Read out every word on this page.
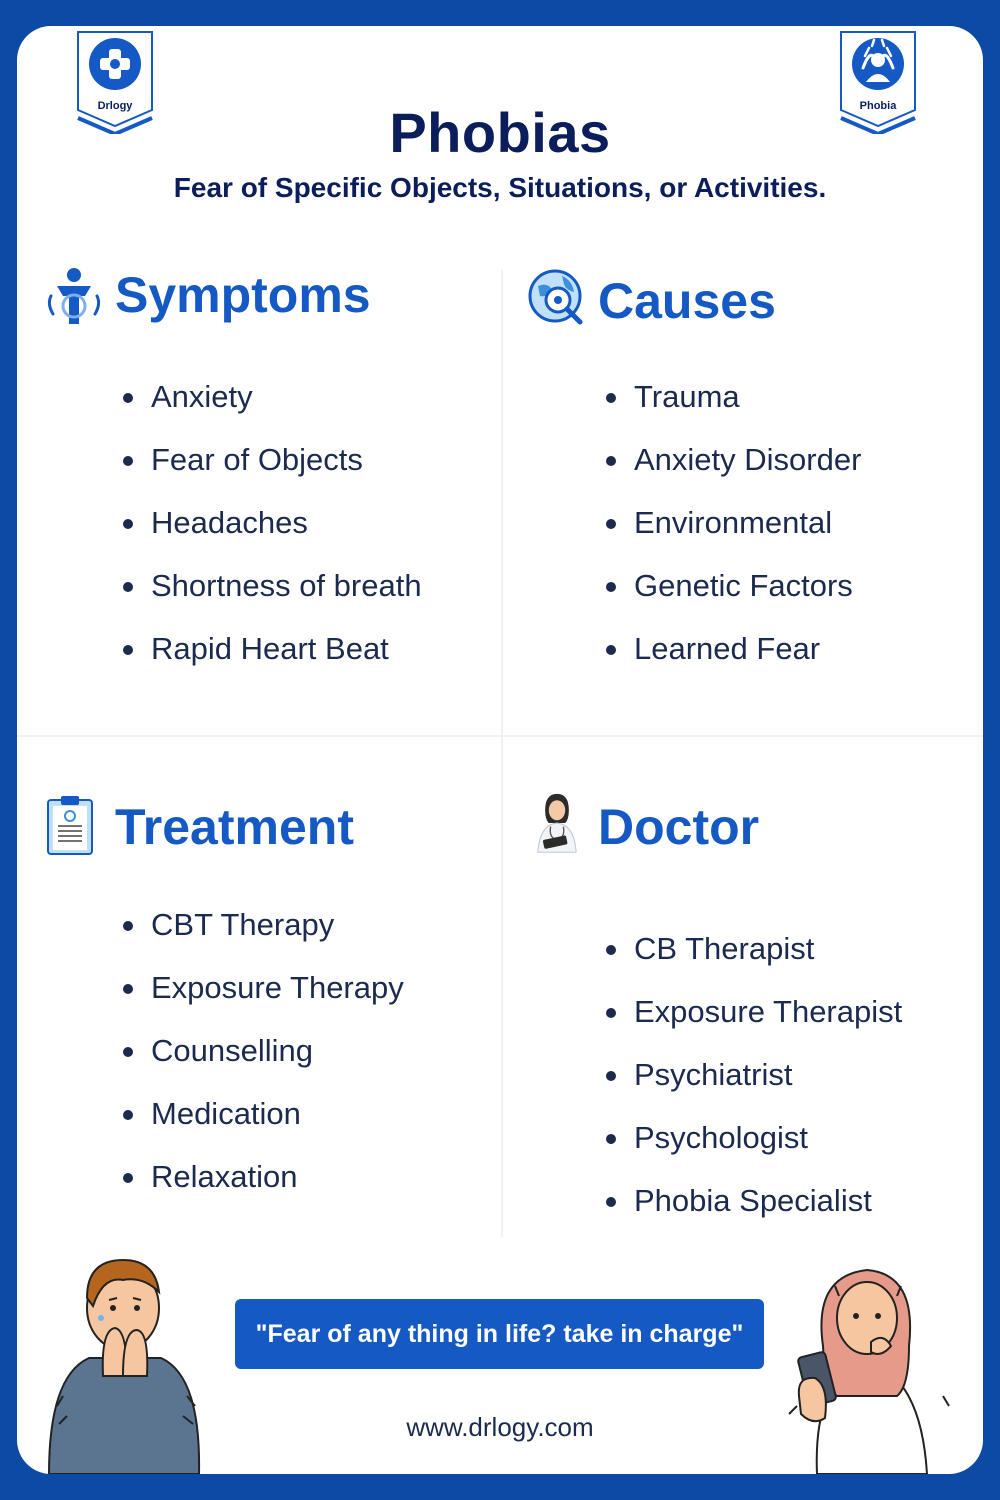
Drlogy	Phobia
Phobias
Fear of Specific Objects, Situations, or Activities.
Symptoms
Anxiety
Fear of Objects
Headaches
Shortness of breath
Rapid Heart Beat
Causes
Trauma
Anxiety Disorder
Environmental
Genetic Factors
Learned Fear
Treatment
CBT Therapy
Exposure Therapy
Counselling
Medication
Relaxation
Doctor
CB Therapist
Exposure Therapist
Psychiatrist
Psychologist
Phobia Specialist
"Fear of any thing in life? take in charge"
www.drlogy.com
